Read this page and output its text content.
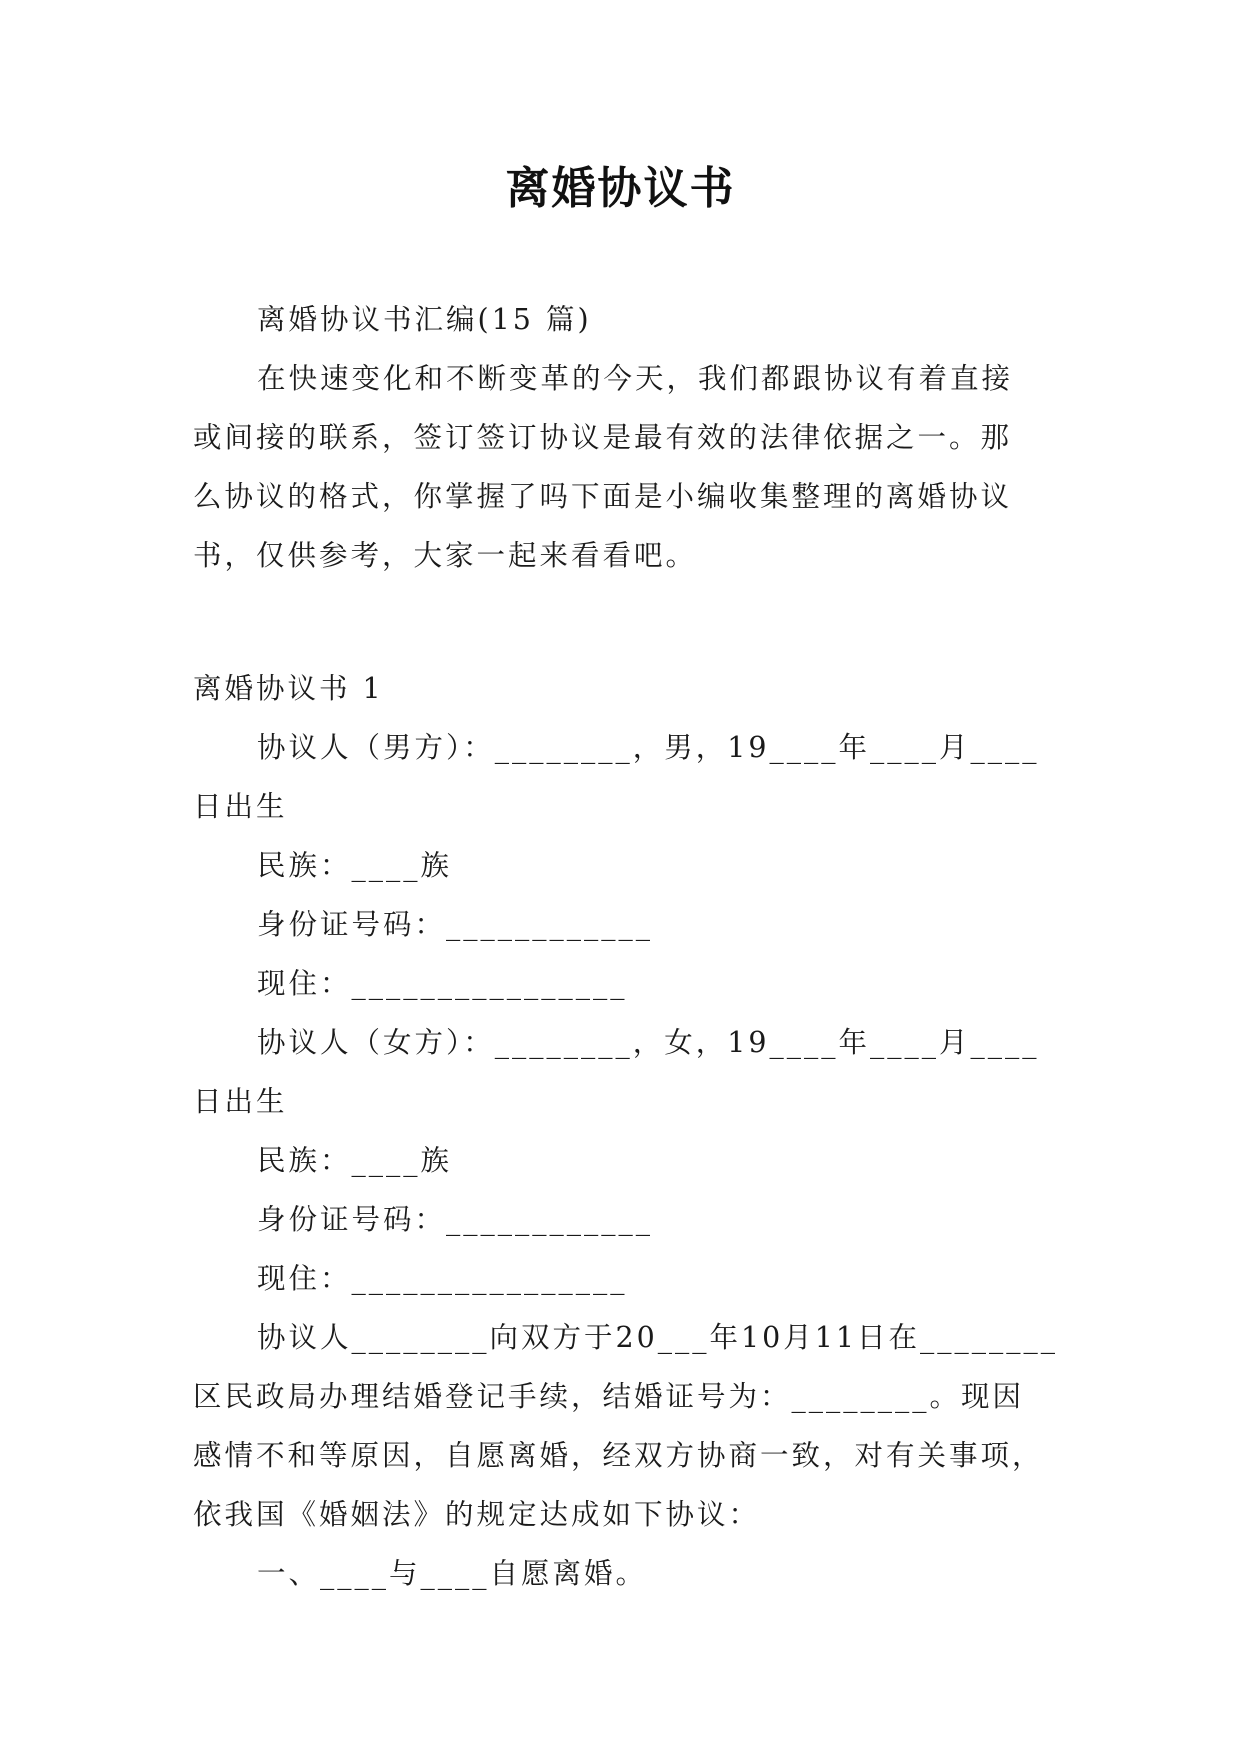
离婚协议书
离婚协议书汇编(15 篇)
在快速变化和不断变革的今天，我们都跟协议有着直接
或间接的联系，签订签订协议是最有效的法律依据之一。那
么协议的格式，你掌握了吗下面是小编收集整理的离婚协议
书，仅供参考，大家一起来看看吧。
离婚协议书 1
协议人（男方）：________，男，19____年____月____
日出生
民族：____族
身份证号码：____________
现住：________________
协议人（女方）：________，女，19____年____月____
日出生
民族：____族
身份证号码：____________
现住：________________
协议人________向双方于20___年10月11日在________
区民政局办理结婚登记手续，结婚证号为：________。现因
感情不和等原因，自愿离婚，经双方协商一致，对有关事项，
依我国《婚姻法》的规定达成如下协议：
一、____与____自愿离婚。
